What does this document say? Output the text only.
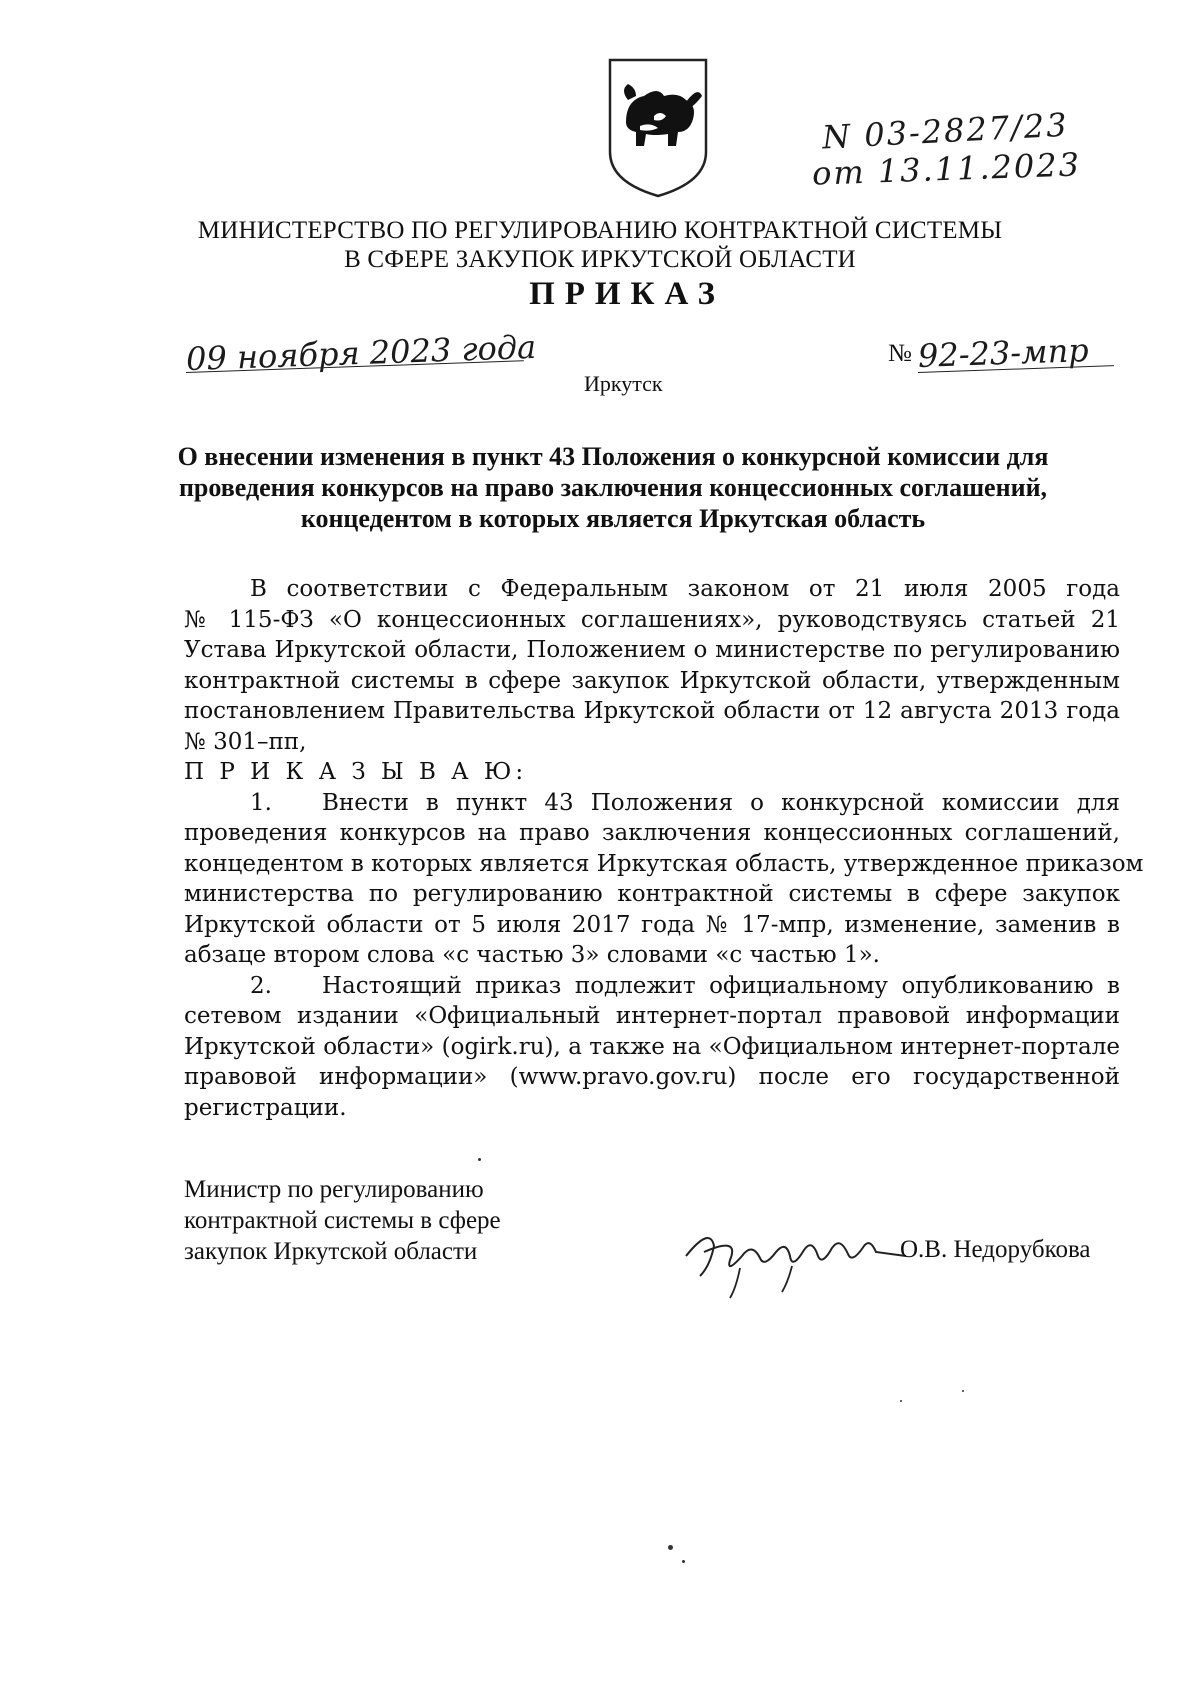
N 03-2827/23
от 13.11.2023
МИНИСТЕРСТВО ПО РЕГУЛИРОВАНИЮ КОНТРАКТНОЙ СИСТЕМЫ
В СФЕРЕ ЗАКУПОК ИРКУТСКОЙ ОБЛАСТИ
ПРИКАЗ
09 ноября 2023 года	№ 92-23-мпр
Иркутск
О внесении изменения в пункт 43 Положения о конкурсной комиссии для
проведения конкурсов на право заключения концессионных соглашений,
концедентом в которых является Иркутская область
В соответствии с Федеральным законом от 21 июля 2005 года
№ 115-ФЗ «О концессионных соглашениях», руководствуясь статьей 21
Устава Иркутской области, Положением о министерстве по регулированию
контрактной системы в сфере закупок Иркутской области, утвержденным
постановлением Правительства Иркутской области от 12 августа 2013 года
№ 301–пп,
П Р И К А З Ы В А Ю:
1. Внести в пункт 43 Положения о конкурсной комиссии для
проведения конкурсов на право заключения концессионных соглашений,
концедентом в которых является Иркутская область, утвержденное приказом
министерства по регулированию контрактной системы в сфере закупок
Иркутской области от 5 июля 2017 года № 17-мпр, изменение, заменив в
абзаце втором слова «с частью 3» словами «с частью 1».
2. Настоящий приказ подлежит официальному опубликованию в
сетевом издании «Официальный интернет-портал правовой информации
Иркутской области» (ogirk.ru), а также на «Официальном интернет-портале
правовой информации» (www.pravo.gov.ru) после его государственной
регистрации.
Министр по регулированию
контрактной системы в сфере
закупок Иркутской области	О.В. Недорубкова
